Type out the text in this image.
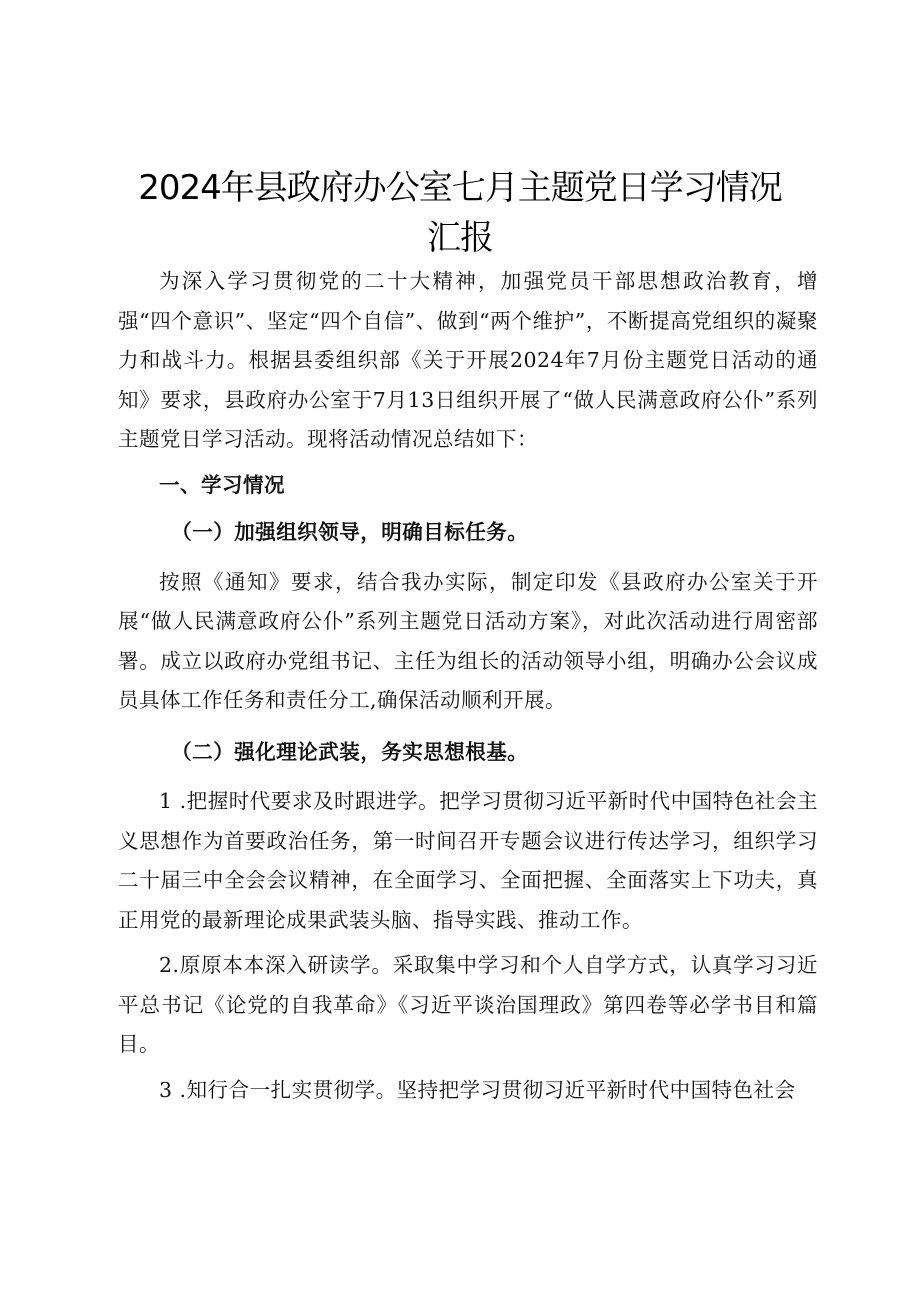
2024年县政府办公室七月主题党日学习情况
汇报

为深入学习贯彻党的二十大精神，加强党员干部思想政治教育，增强“四个意识”、坚定“四个自信”、做到“两个维护”，不断提高党组织的凝聚力和战斗力。根据县委组织部《关于开展2024年7月份主题党日活动的通知》要求，县政府办公室于7月13日组织开展了“做人民满意政府公仆”系列主题党日学习活动。现将活动情况总结如下：

一、学习情况

（一）加强组织领导，明确目标任务。

按照《通知》要求，结合我办实际，制定印发《县政府办公室关于开展“做人民满意政府公仆”系列主题党日活动方案》，对此次活动进行周密部署。成立以政府办党组书记、主任为组长的活动领导小组，明确办公会议成员具体工作任务和责任分工,确保活动顺利开展。

（二）强化理论武装，务实思想根基。

1 .把握时代要求及时跟进学。把学习贯彻习近平新时代中国特色社会主义思想作为首要政治任务，第一时间召开专题会议进行传达学习，组织学习二十届三中全会会议精神，在全面学习、全面把握、全面落实上下功夫，真正用党的最新理论成果武装头脑、指导实践、推动工作。

2.原原本本深入研读学。采取集中学习和个人自学方式，认真学习习近平总书记《论党的自我革命》《习近平谈治国理政》第四卷等必学书目和篇目。

3 .知行合一扎实贯彻学。坚持把学习贯彻习近平新时代中国特色社会
